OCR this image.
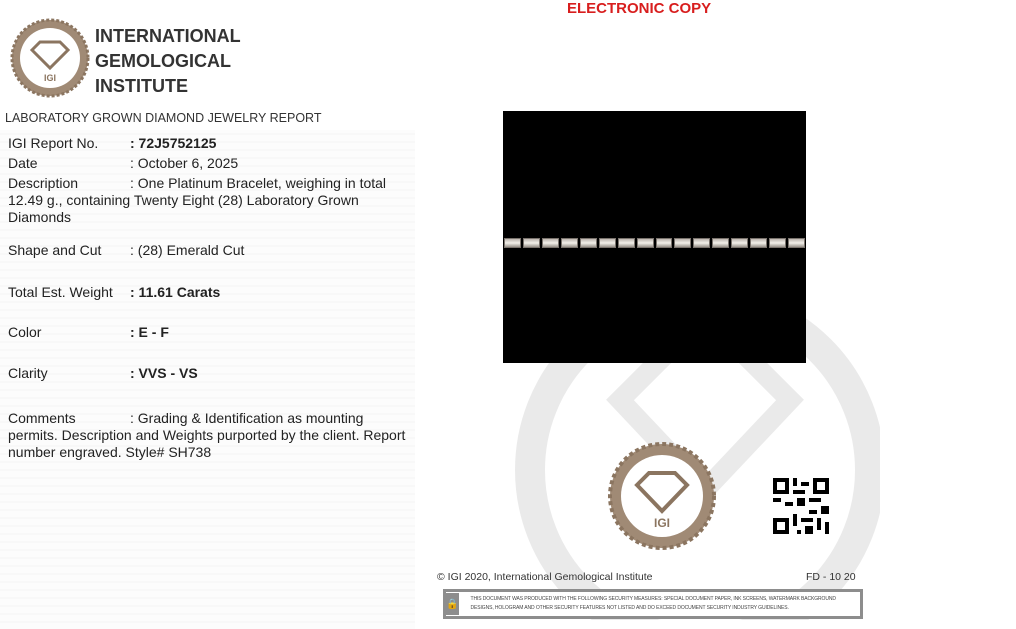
IGI
INTERNATIONAL
GEMOLOGICAL
INSTITUTE
ELECTRONIC COPY
LABORATORY GROWN DIAMOND JEWELRY REPORT
IGI Report No. : 72J5752125
Date	: October 6, 2025
Description	: One Platinum Bracelet, weighing in total 12.49 g., containing Twenty Eight (28) Laboratory Grown Diamonds
Shape and Cut : (28) Emerald Cut
Total Est. Weight : 11.61 Carats
Color	: E - F
Clarity	: VVS - VS
Comments	: Grading & Identification as mounting permits. Description and Weights purported by the client. Report number engraved. Style# SH738
IGI
© IGI 2020, International Gemological Institute	FD - 10 20
🔒 THIS DOCUMENT WAS PRODUCED WITH THE FOLLOWING SECURITY MEASURES: SPECIAL DOCUMENT PAPER, INK SCREENS, WATERMARK BACKGROUND DESIGNS, HOLOGRAM AND OTHER SECURITY FEATURES NOT LISTED AND DO EXCEED DOCUMENT SECURITY INDUSTRY GUIDELINES.
